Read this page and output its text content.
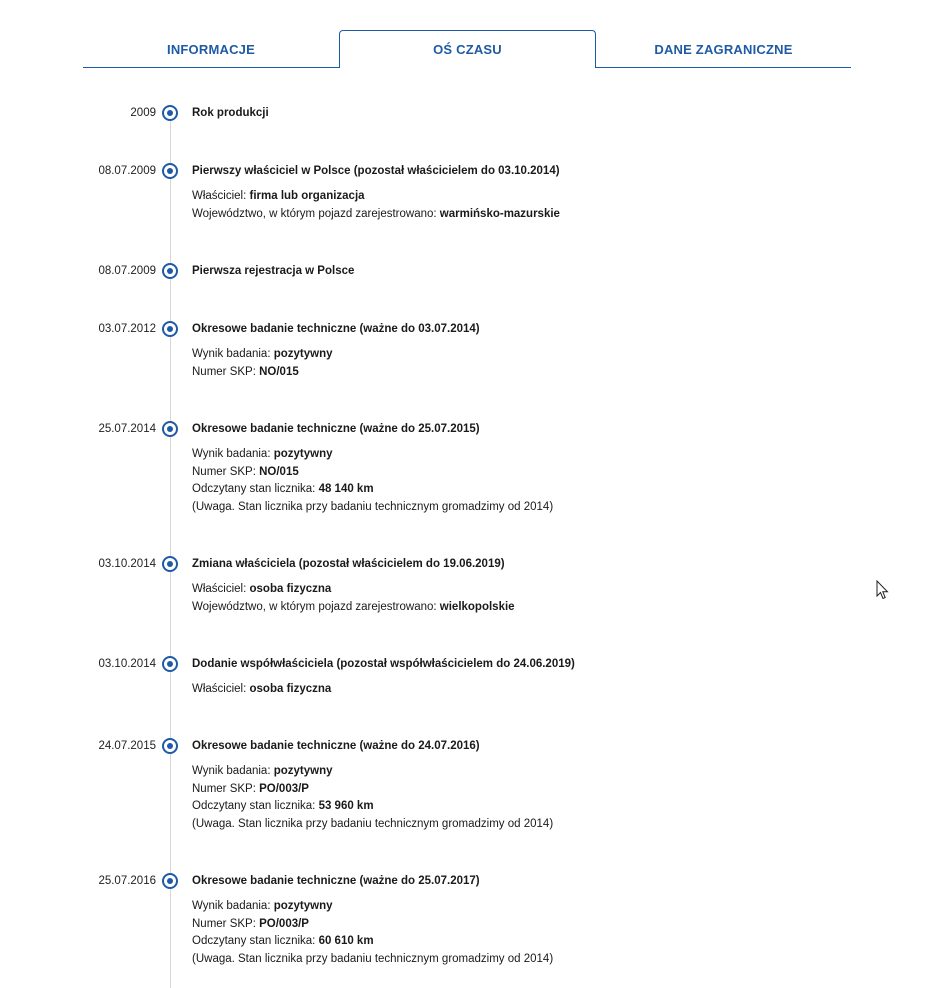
INFORMACJE	OŚ CZASU	DANE ZAGRANICZNE
2009	Rok produkcji
08.07.2009	Pierwszy właściciel w Polsce (pozostał właścicielem do 03.10.2014)
Właściciel: firma lub organizacja
Województwo, w którym pojazd zarejestrowano: warmińsko-mazurskie
08.07.2009	Pierwsza rejestracja w Polsce
03.07.2012	Okresowe badanie techniczne (ważne do 03.07.2014)
Wynik badania: pozytywny
Numer SKP: NO/015
25.07.2014	Okresowe badanie techniczne (ważne do 25.07.2015)
Wynik badania: pozytywny
Numer SKP: NO/015
Odczytany stan licznika: 48 140 km
(Uwaga. Stan licznika przy badaniu technicznym gromadzimy od 2014)
03.10.2014	Zmiana właściciela (pozostał właścicielem do 19.06.2019)
Właściciel: osoba fizyczna
Województwo, w którym pojazd zarejestrowano: wielkopolskie
03.10.2014	Dodanie współwłaściciela (pozostał współwłaścicielem do 24.06.2019)
Właściciel: osoba fizyczna
24.07.2015	Okresowe badanie techniczne (ważne do 24.07.2016)
Wynik badania: pozytywny
Numer SKP: PO/003/P
Odczytany stan licznika: 53 960 km
(Uwaga. Stan licznika przy badaniu technicznym gromadzimy od 2014)
25.07.2016	Okresowe badanie techniczne (ważne do 25.07.2017)
Wynik badania: pozytywny
Numer SKP: PO/003/P
Odczytany stan licznika: 60 610 km
(Uwaga. Stan licznika przy badaniu technicznym gromadzimy od 2014)
